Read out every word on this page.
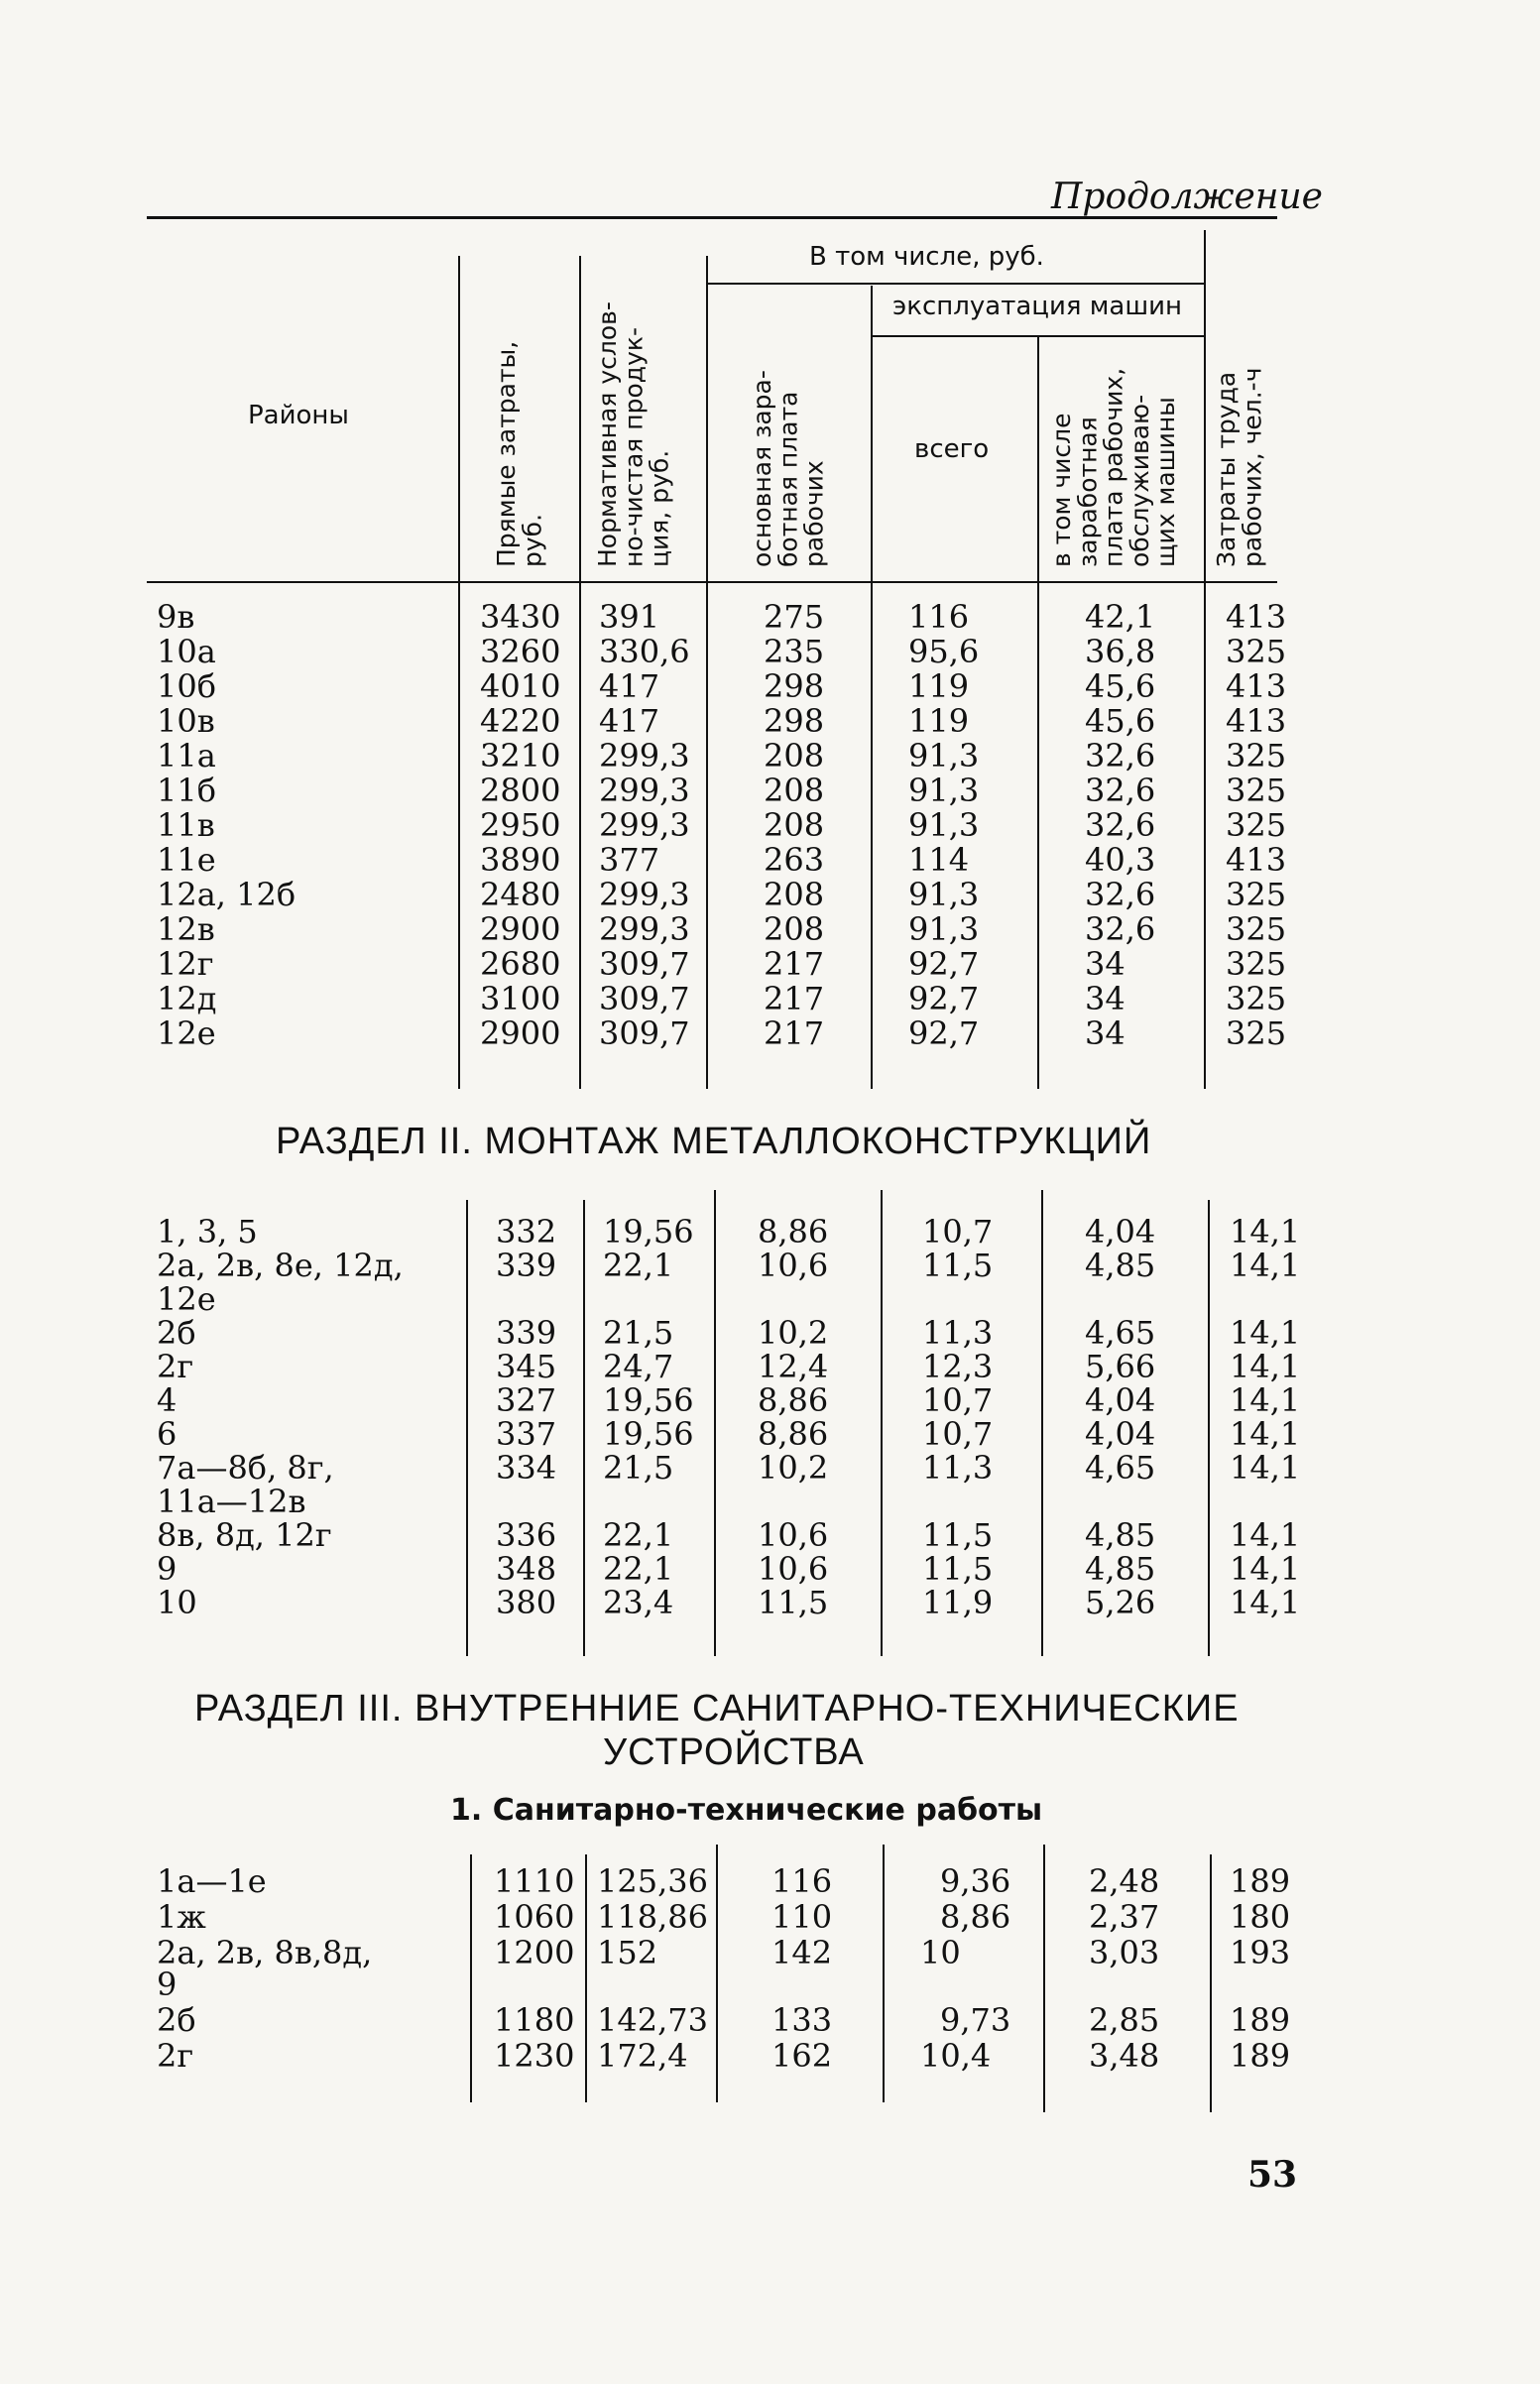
Продолжение
Районы
Прямые затраты,
руб. Нормативная услов-
но-чистая продук-
ция, руб.
В том числе, руб.
основная зара-
ботная плата
рабочих
эксплуатация машин
всего
в том числе
заработная
плата рабочих,
обслуживаю-
щих машины
Затраты труда
рабочих, чел.-ч
9в	3430 391	275	116	42,1 413
10а	3260 330,6 235	95,6	36,8 325
10б	4010 417	298	119	45,6 413
10в	4220 417	298	119	45,6 413
11а	3210 299,3 208	91,3	32,6 325
11б	2800 299,3 208	91,3	32,6 325
11в	2950 299,3 208	91,3	32,6 325
11е	3890 377	263	114	40,3 413
12а, 12б	2480 299,3 208	91,3	32,6 325
12в	2900 299,3 208	91,3	32,6 325
12г	2680 309,7 217	92,7	34	325
12д	3100 309,7 217	92,7	34	325
12е	2900 309,7 217	92,7	34	325
РАЗДЕЛ II. МОНТАЖ МЕТАЛЛОКОНСТРУКЦИЙ
1, 3, 5	332 19,56 8,86	10,7	4,04 14,1
2а, 2в, 8е, 12д,	339 22,1	10,6	11,5	4,85 14,1
12е
2б	339 21,5	10,2	11,3	4,65 14,1
2г	345 24,7	12,4	12,3	5,66 14,1
4	327 19,56 8,86	10,7	4,04 14,1
6	337 19,56 8,86	10,7	4,04 14,1
7а—8б, 8г,	334 21,5	10,2	11,3	4,65 14,1
11а—12в
8в, 8д, 12г	336 22,1	10,6	11,5	4,85 14,1
9	348 22,1	10,6	11,5	4,85 14,1
10	380 23,4	11,5	11,9	5,26 14,1
РАЗДЕЛ III. ВНУТРЕННИЕ САНИТАРНО-ТЕХНИЧЕСКИЕ
УСТРОЙСТВА
1. Санитарно-технические работы
1а—1е	1110 125,36 116	9,36 2,48 189
1ж	1060 118,86 110	8,86 2,37 180
2а, 2в, 8в,8д,	1200 152	142	10	3,03 193
9
2б	1180 142,73 133	9,73 2,85 189
2г	1230 172,4	162	10,4	3,48 189
53
